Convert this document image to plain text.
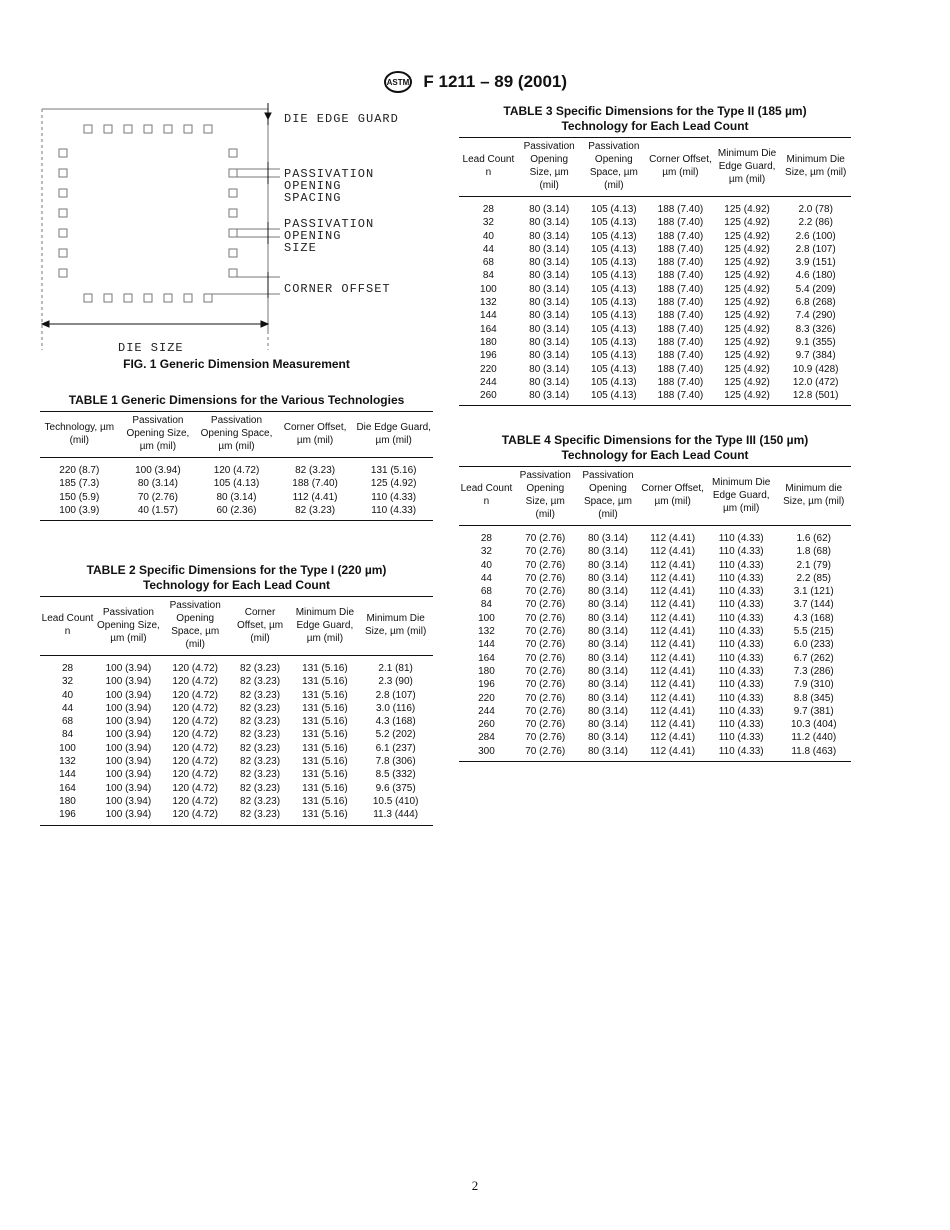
ASTM F 1211 – 89 (2001)
DIE EDGE GUARD
PASSIVATION
OPENING
SPACING
PASSIVATION
OPENING
SIZE
CORNER OFFSET
DIE SIZE
FIG. 1 Generic Dimension Measurement
TABLE 1 Generic Dimensions for the Various Technologies
Technology, µm (mil)	Passivation Opening Size, µm (mil)	Passivation Opening Space, µm (mil)	Corner Offset, µm (mil)	Die Edge Guard, µm (mil)
220 (8.7)	100 (3.94)	120 (4.72)	82 (3.23)	131 (5.16)
185 (7.3)	80 (3.14)	105 (4.13)	188 (7.40)	125 (4.92)
150 (5.9)	70 (2.76)	80 (3.14)	112 (4.41)	110 (4.33)
100 (3.9)	40 (1.57)	60 (2.36)	82 (3.23)	110 (4.33)
TABLE 2 Specific Dimensions for the Type I (220 µm)
Technology for Each Lead Count
Lead Count n	Passivation Opening Size, µm (mil)	Passivation Opening Space, µm (mil)	Corner Offset, µm (mil)	Minimum Die Edge Guard, µm (mil)	Minimum Die Size, µm (mil)
28	100 (3.94)	120 (4.72)	82 (3.23)	131 (5.16)	2.1 (81)
32	100 (3.94)	120 (4.72)	82 (3.23)	131 (5.16)	2.3 (90)
40	100 (3.94)	120 (4.72)	82 (3.23)	131 (5.16)	2.8 (107)
44	100 (3.94)	120 (4.72)	82 (3.23)	131 (5.16)	3.0 (116)
68	100 (3.94)	120 (4.72)	82 (3.23)	131 (5.16)	4.3 (168)
84	100 (3.94)	120 (4.72)	82 (3.23)	131 (5.16)	5.2 (202)
100	100 (3.94)	120 (4.72)	82 (3.23)	131 (5.16)	6.1 (237)
132	100 (3.94)	120 (4.72)	82 (3.23)	131 (5.16)	7.8 (306)
144	100 (3.94)	120 (4.72)	82 (3.23)	131 (5.16)	8.5 (332)
164	100 (3.94)	120 (4.72)	82 (3.23)	131 (5.16)	9.6 (375)
180	100 (3.94)	120 (4.72)	82 (3.23)	131 (5.16)	10.5 (410)
196	100 (3.94)	120 (4.72)	82 (3.23)	131 (5.16)	11.3 (444)
TABLE 3 Specific Dimensions for the Type II (185 µm)
Technology for Each Lead Count
Lead Count n	Passivation Opening Size, µm (mil)	Passivation Opening Space, µm (mil)	Corner Offset, µm (mil)	Minimum Die Edge Guard, µm (mil)	Minimum Die Size, µm (mil)
28	80 (3.14)	105 (4.13)	188 (7.40)	125 (4.92)	2.0 (78)
32	80 (3.14)	105 (4.13)	188 (7.40)	125 (4.92)	2.2 (86)
40	80 (3.14)	105 (4.13)	188 (7.40)	125 (4.92)	2.6 (100)
44	80 (3.14)	105 (4.13)	188 (7.40)	125 (4.92)	2.8 (107)
68	80 (3.14)	105 (4.13)	188 (7.40)	125 (4.92)	3.9 (151)
84	80 (3.14)	105 (4.13)	188 (7.40)	125 (4.92)	4.6 (180)
100	80 (3.14)	105 (4.13)	188 (7.40)	125 (4.92)	5.4 (209)
132	80 (3.14)	105 (4.13)	188 (7.40)	125 (4.92)	6.8 (268)
144	80 (3.14)	105 (4.13)	188 (7.40)	125 (4.92)	7.4 (290)
164	80 (3.14)	105 (4.13)	188 (7.40)	125 (4.92)	8.3 (326)
180	80 (3.14)	105 (4.13)	188 (7.40)	125 (4.92)	9.1 (355)
196	80 (3.14)	105 (4.13)	188 (7.40)	125 (4.92)	9.7 (384)
220	80 (3.14)	105 (4.13)	188 (7.40)	125 (4.92)	10.9 (428)
244	80 (3.14)	105 (4.13)	188 (7.40)	125 (4.92)	12.0 (472)
260	80 (3.14)	105 (4.13)	188 (7.40)	125 (4.92)	12.8 (501)
TABLE 4 Specific Dimensions for the Type III (150 µm)
Technology for Each Lead Count
Lead Count n	Passivation Opening Size, µm (mil)	Passivation Opening Space, µm (mil)	Corner Offset, µm (mil)	Minimum Die Edge Guard, µm (mil)	Minimum die Size, µm (mil)
28	70 (2.76)	80 (3.14)	112 (4.41)	110 (4.33)	1.6 (62)
32	70 (2.76)	80 (3.14)	112 (4.41)	110 (4.33)	1.8 (68)
40	70 (2.76)	80 (3.14)	112 (4.41)	110 (4.33)	2.1 (79)
44	70 (2.76)	80 (3.14)	112 (4.41)	110 (4.33)	2.2 (85)
68	70 (2.76)	80 (3.14)	112 (4.41)	110 (4.33)	3.1 (121)
84	70 (2.76)	80 (3.14)	112 (4.41)	110 (4.33)	3.7 (144)
100	70 (2.76)	80 (3.14)	112 (4.41)	110 (4.33)	4.3 (168)
132	70 (2.76)	80 (3.14)	112 (4.41)	110 (4.33)	5.5 (215)
144	70 (2.76)	80 (3.14)	112 (4.41)	110 (4.33)	6.0 (233)
164	70 (2.76)	80 (3.14)	112 (4.41)	110 (4.33)	6.7 (262)
180	70 (2.76)	80 (3.14)	112 (4.41)	110 (4.33)	7.3 (286)
196	70 (2.76)	80 (3.14)	112 (4.41)	110 (4.33)	7.9 (310)
220	70 (2.76)	80 (3.14)	112 (4.41)	110 (4.33)	8.8 (345)
244	70 (2.76)	80 (3.14)	112 (4.41)	110 (4.33)	9.7 (381)
260	70 (2.76)	80 (3.14)	112 (4.41)	110 (4.33)	10.3 (404)
284	70 (2.76)	80 (3.14)	112 (4.41)	110 (4.33)	11.2 (440)
300	70 (2.76)	80 (3.14)	112 (4.41)	110 (4.33)	11.8 (463)
2
